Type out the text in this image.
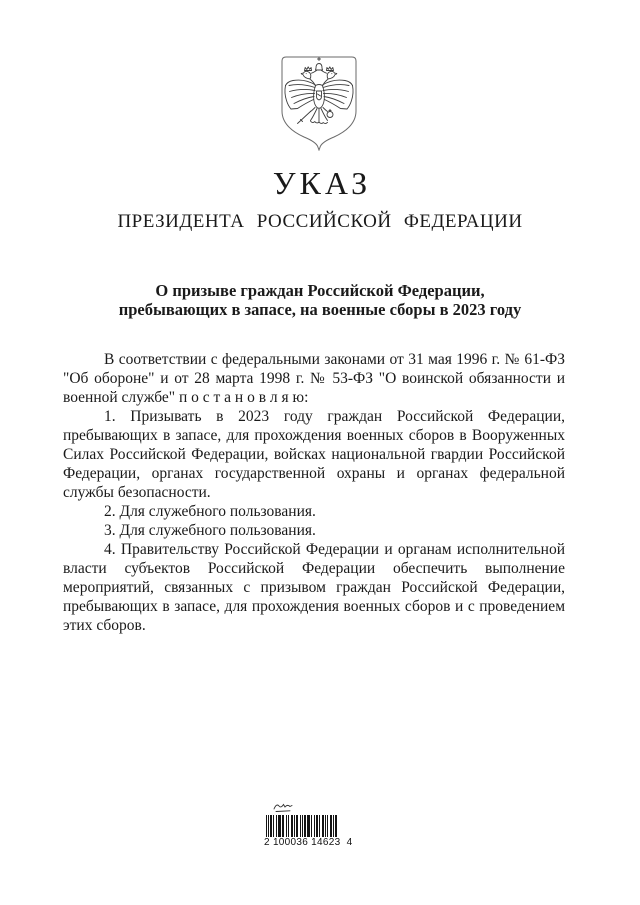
УКАЗ
ПРЕЗИДЕНТА РОССИЙСКОЙ ФЕДЕРАЦИИ
О призыве граждан Российской Федерации,
пребывающих в запасе, на военные сборы в 2023 году

В соответствии с федеральными законами от 31 мая 1996 г. № 61-ФЗ "Об обороне" и от 28 марта 1998 г. № 53-ФЗ "О воинской обязанности и военной службе" п о с т а н о в л я ю:

1. Призывать в 2023 году граждан Российской Федерации, пребывающих в запасе, для прохождения военных сборов в Вооруженных Силах Российской Федерации, войсках национальной гвардии Российской Федерации, органах государственной охраны и органах федеральной службы безопасности.

2. Для служебного пользования.

3. Для служебного пользования.

4. Правительству Российской Федерации и органам исполнительной власти субъектов Российской Федерации обеспечить выполнение мероприятий, связанных с призывом граждан Российской Федерации, пребывающих в запасе, для прохождения военных сборов и с проведением этих сборов.

2 100036 14623  4
